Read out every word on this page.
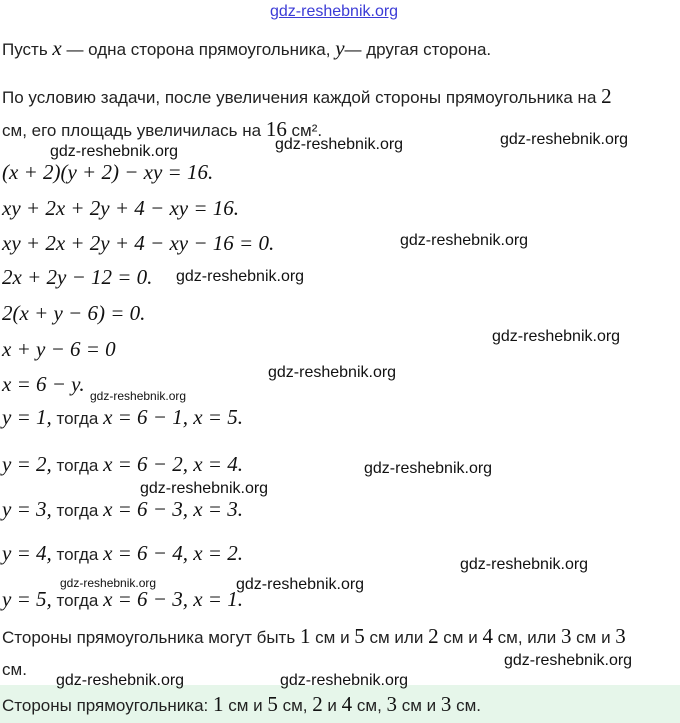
gdz-reshebnik.org
Пусть x — одна сторона прямоугольника, y— другая сторона.
По условию задачи, после увеличения каждой стороны прямоугольника на 2
см, его площадь увеличилась на 16 см².
(x + 2)(y + 2) − xy = 16.
xy + 2x + 2y + 4 − xy = 16.
xy + 2x + 2y + 4 − xy − 16 = 0.
2x + 2y − 12 = 0.
2(x + y − 6) = 0.
x + y − 6 = 0
x = 6 − y.
y = 1, тогда x = 6 − 1, x = 5.
y = 2, тогда x = 6 − 2, x = 4.
y = 3, тогда x = 6 − 3, x = 3.
y = 4, тогда x = 6 − 4, x = 2.
y = 5, тогда x = 6 − 3, x = 1.
Стороны прямоугольника могут быть 1 см и 5 см или 2 см и 4 см, или 3 см и 3
см.
Стороны прямоугольника: 1 см и 5 см, 2 и 4 см, 3 см и 3 см.
gdz-reshebnik.org	gdz-reshebnik.org	gdz-reshebnik.org
gdz-reshebnik.org
gdz-reshebnik.org
gdz-reshebnik.org
gdz-reshebnik.org
gdz-reshebnik.org
gdz-reshebnik.org
gdz-reshebnik.org
gdz-reshebnik.org
gdz-reshebnik.org	gdz-reshebnik.org
gdz-reshebnik.org
gdz-reshebnik.org	gdz-reshebnik.org
